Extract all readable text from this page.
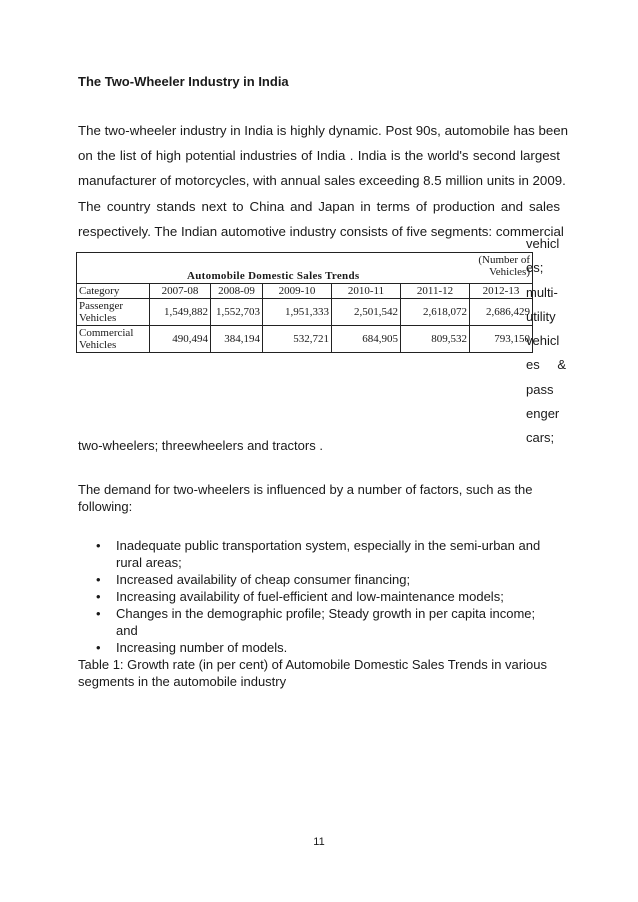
The Two-Wheeler Industry in India
The two-wheeler industry in India is highly dynamic. Post 90s, automobile has been
on the list of high potential industries of India . India is the world's second largest
manufacturer of motorcycles, with annual sales exceeding 8.5 million units in 2009.
The country stands next to China and Japan in terms of production and sales
respectively. The Indian automotive industry consists of five segments: commercial
vehicl
es;
multi-
utility
vehicl
es &
pass
enger
cars;
Automobile Domestic Sales Trends						(Number of Vehicles)
Category	2007-08	2008-09	2009-10	2010-11	2011-12	2012-13
Passenger Vehicles	1,549,882	1,552,703	1,951,333	2,501,542	2,618,072	2,686,429
Commercial Vehicles	490,494	384,194	532,721	684,905	809,532	793,150
two-wheelers; threewheelers and tractors .
The demand for two-wheelers is influenced by a number of factors, such as the following:
• Inadequate public transportation system, especially in the semi-urban and rural areas;
• Increased availability of cheap consumer financing;
• Increasing availability of fuel-efficient and low-maintenance models;
• Changes in the demographic profile; Steady growth in per capita income; and
• Increasing number of models.
Table 1: Growth rate (in per cent) of Automobile Domestic Sales Trends in various segments in the automobile industry
11
